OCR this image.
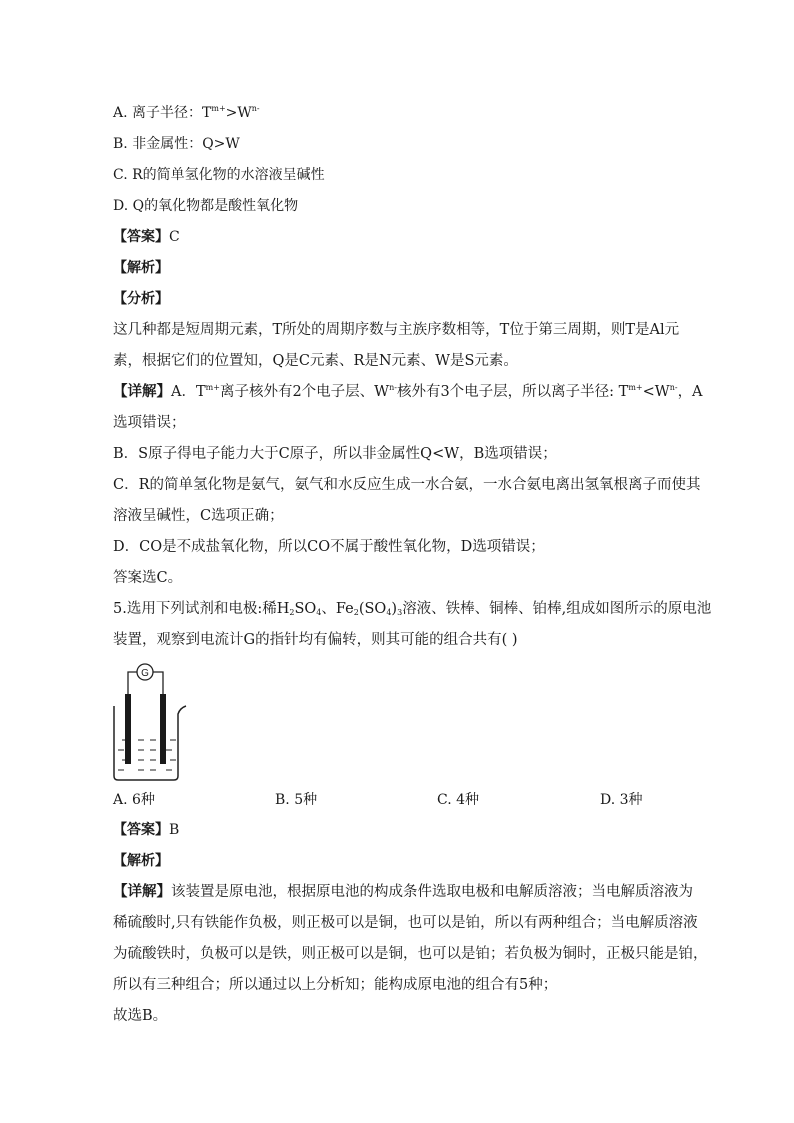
A. 离子半径：$T^{m+}>W^{n-}$
B. 非金属性：Q>W
C. R的简单氢化物的水溶液呈碱性
D. Q的氧化物都是酸性氧化物
【答案】C
【解析】
【分析】
这几种都是短周期元素，T所处的周期序数与主族序数相等，T位于第三周期，则T是Al元
素，根据它们的位置知，Q是C元素、R是N元素、W是S元素。
【详解】A．$T^{m+}$离子核外有2个电子层、$W^{n-}$核外有3个电子层，所以离子半径: $T^{m+}<W^{n-}$，A
选项错误；
B．S原子得电子能力大于C原子，所以非金属性Q<W，B选项错误；
C．R的简单氢化物是氨气，氨气和水反应生成一水合氨，一水合氨电离出氢氧根离子而使其
溶液呈碱性，C选项正确；
D．CO是不成盐氧化物，所以CO不属于酸性氧化物，D选项错误；
答案选C。
5.选用下列试剂和电极:稀$H_2SO_4$、$Fe_2(SO_4)_3$溶液、铁棒、铜棒、铂棒,组成如图所示的原电池
装置，观察到电流计G的指针均有偏转，则其可能的组合共有( )
G
A. 6种	B. 5种	C. 4种	D. 3种
【答案】B
【解析】
【详解】该装置是原电池，根据原电池的构成条件选取电极和电解质溶液；当电解质溶液为
稀硫酸时,只有铁能作负极，则正极可以是铜，也可以是铂，所以有两种组合；当电解质溶液
为硫酸铁时，负极可以是铁，则正极可以是铜，也可以是铂；若负极为铜时，正极只能是铂，
所以有三种组合；所以通过以上分析知；能构成原电池的组合有5种；
故选B。
